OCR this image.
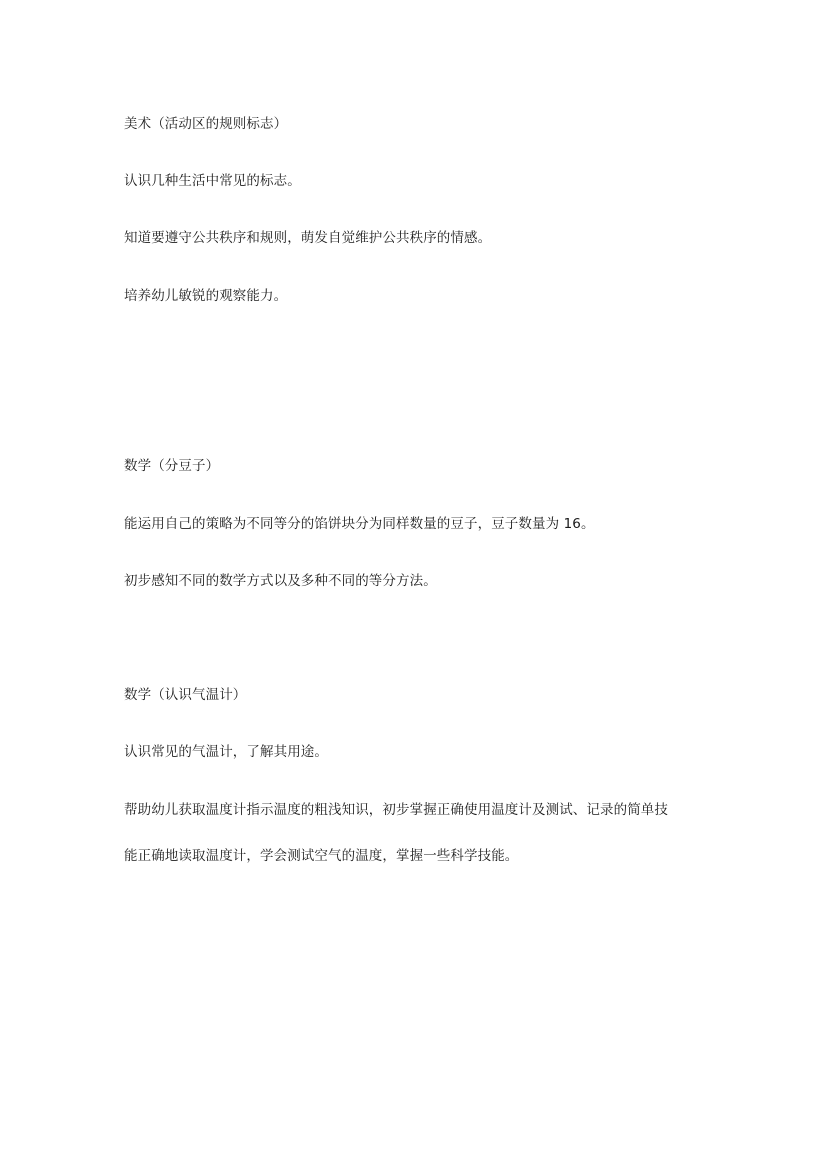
美术（活动区的规则标志）
认识几种生活中常见的标志。
知道要遵守公共秩序和规则，萌发自觉维护公共秩序的情感。
培养幼儿敏锐的观察能力。
数学（分豆子）
能运用自己的策略为不同等分的馅饼块分为同样数量的豆子，豆子数量为 16。
初步感知不同的数学方式以及多种不同的等分方法。
数学（认识气温计）
认识常见的气温计，了解其用途。
帮助幼儿获取温度计指示温度的粗浅知识，初步掌握正确使用温度计及测试、记录的简单技
能正确地读取温度计，学会测试空气的温度，掌握一些科学技能。
